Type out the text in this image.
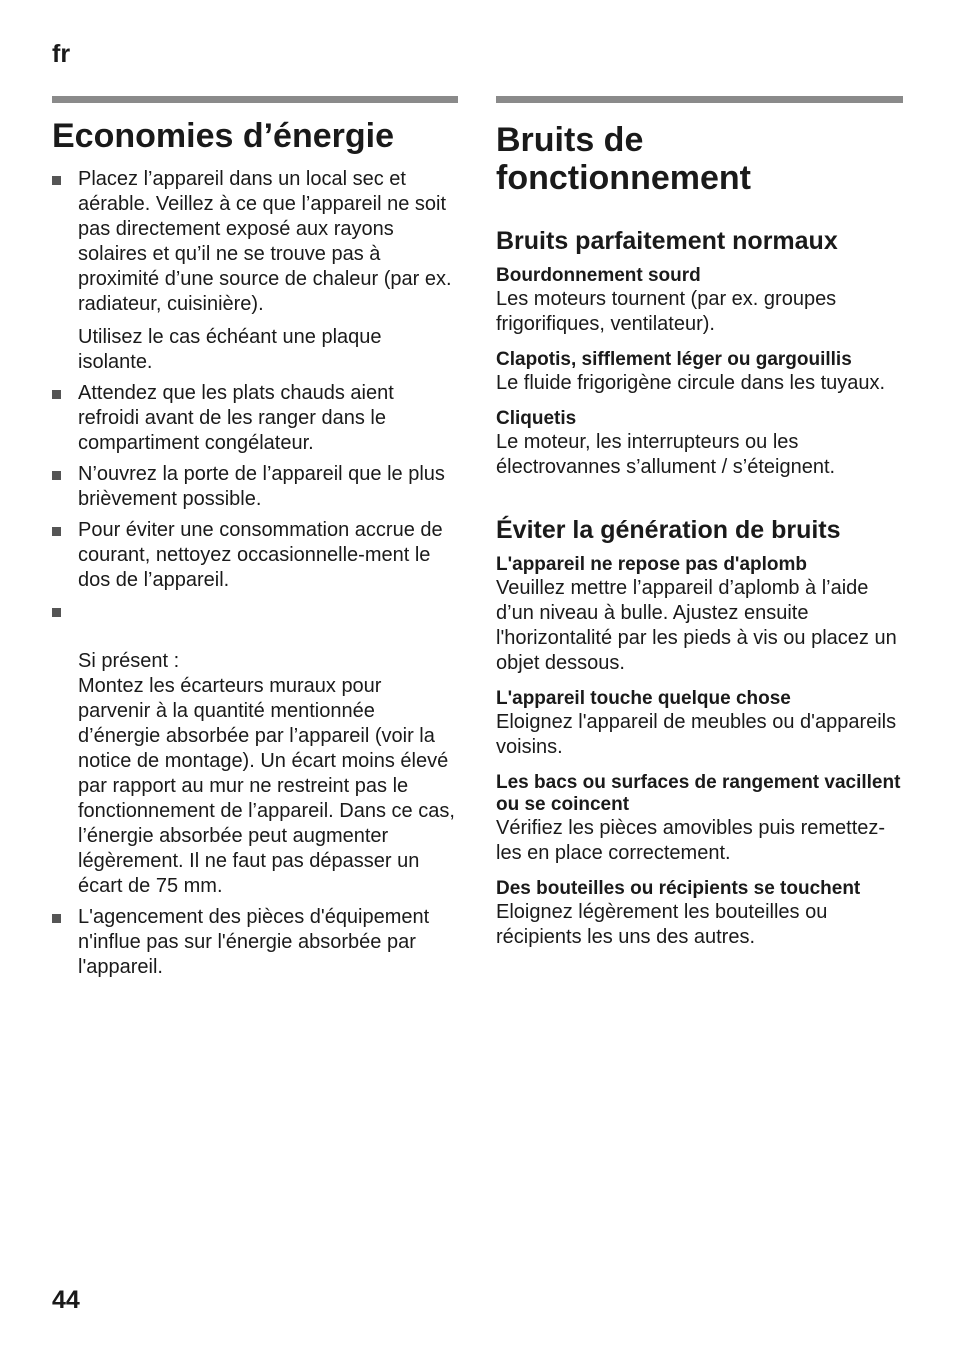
fr
Economies d’énergie
Placez l’appareil dans un local sec et aérable. Veillez à ce que l’appareil ne soit pas directement exposé aux rayons solaires et qu’il ne se trouve pas à proximité d’une source de chaleur (par ex. radiateur, cuisinière).
Utilisez le cas échéant une plaque isolante.
Attendez que les plats chauds aient refroidi avant de les ranger dans le compartiment congélateur.
N’ouvrez la porte de l’appareil que le plus brièvement possible.
Pour éviter une consommation accrue de courant, nettoyez occasionnelle-ment le dos de l’appareil.

Si présent :
Montez les écarteurs muraux pour parvenir à la quantité mentionnée d’énergie absorbée par l’appareil (voir la notice de montage). Un écart moins élevé par rapport au mur ne restreint pas le fonctionnement de l’appareil. Dans ce cas, l’énergie absorbée peut augmenter légèrement. Il ne faut pas dépasser un écart de 75 mm.

L'agencement des pièces d'équipement n'influe pas sur l'énergie absorbée par l'appareil.
Bruits de fonctionnement
Bruits parfaitement normaux
Bourdonnement sourd
Les moteurs tournent (par ex. groupes frigorifiques, ventilateur).
Clapotis, sifflement léger ou gargouillis
Le fluide frigorigène circule dans les tuyaux.
Cliquetis
Le moteur, les interrupteurs ou les électrovannes s’allument / s’éteignent.
Éviter la génération de bruits
L'appareil ne repose pas d'aplomb
Veuillez mettre l’appareil d’aplomb à l’aide d’un niveau à bulle. Ajustez ensuite l'horizontalité par les pieds à vis ou placez un objet dessous.
L'appareil touche quelque chose
Eloignez l'appareil de meubles ou d'appareils voisins.
Les bacs ou surfaces de rangement vacillent ou se coincent
Vérifiez les pièces amovibles puis remettez-les en place correctement.
Des bouteilles ou récipients se touchent
Eloignez légèrement les bouteilles ou récipients les uns des autres.
44
